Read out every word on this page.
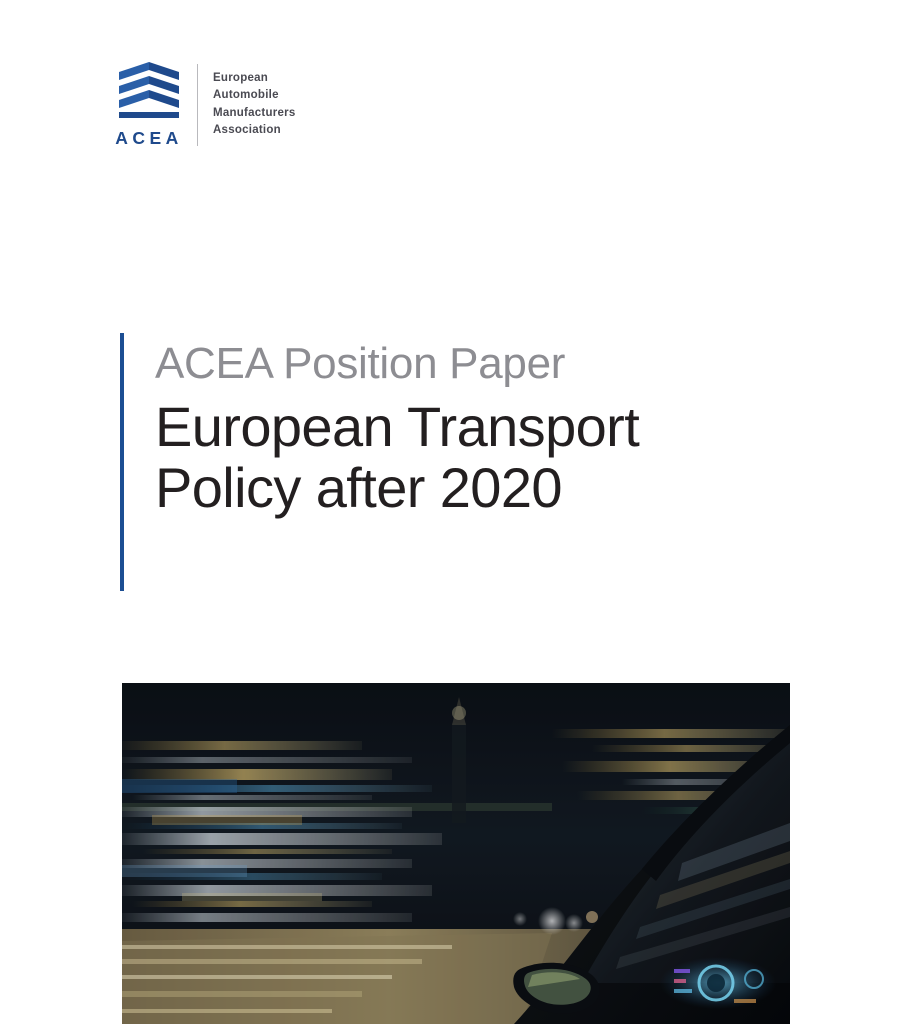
ACEA
European
Automobile
Manufacturers
Association

ACEA Position Paper

European Transport
Policy after 2020
